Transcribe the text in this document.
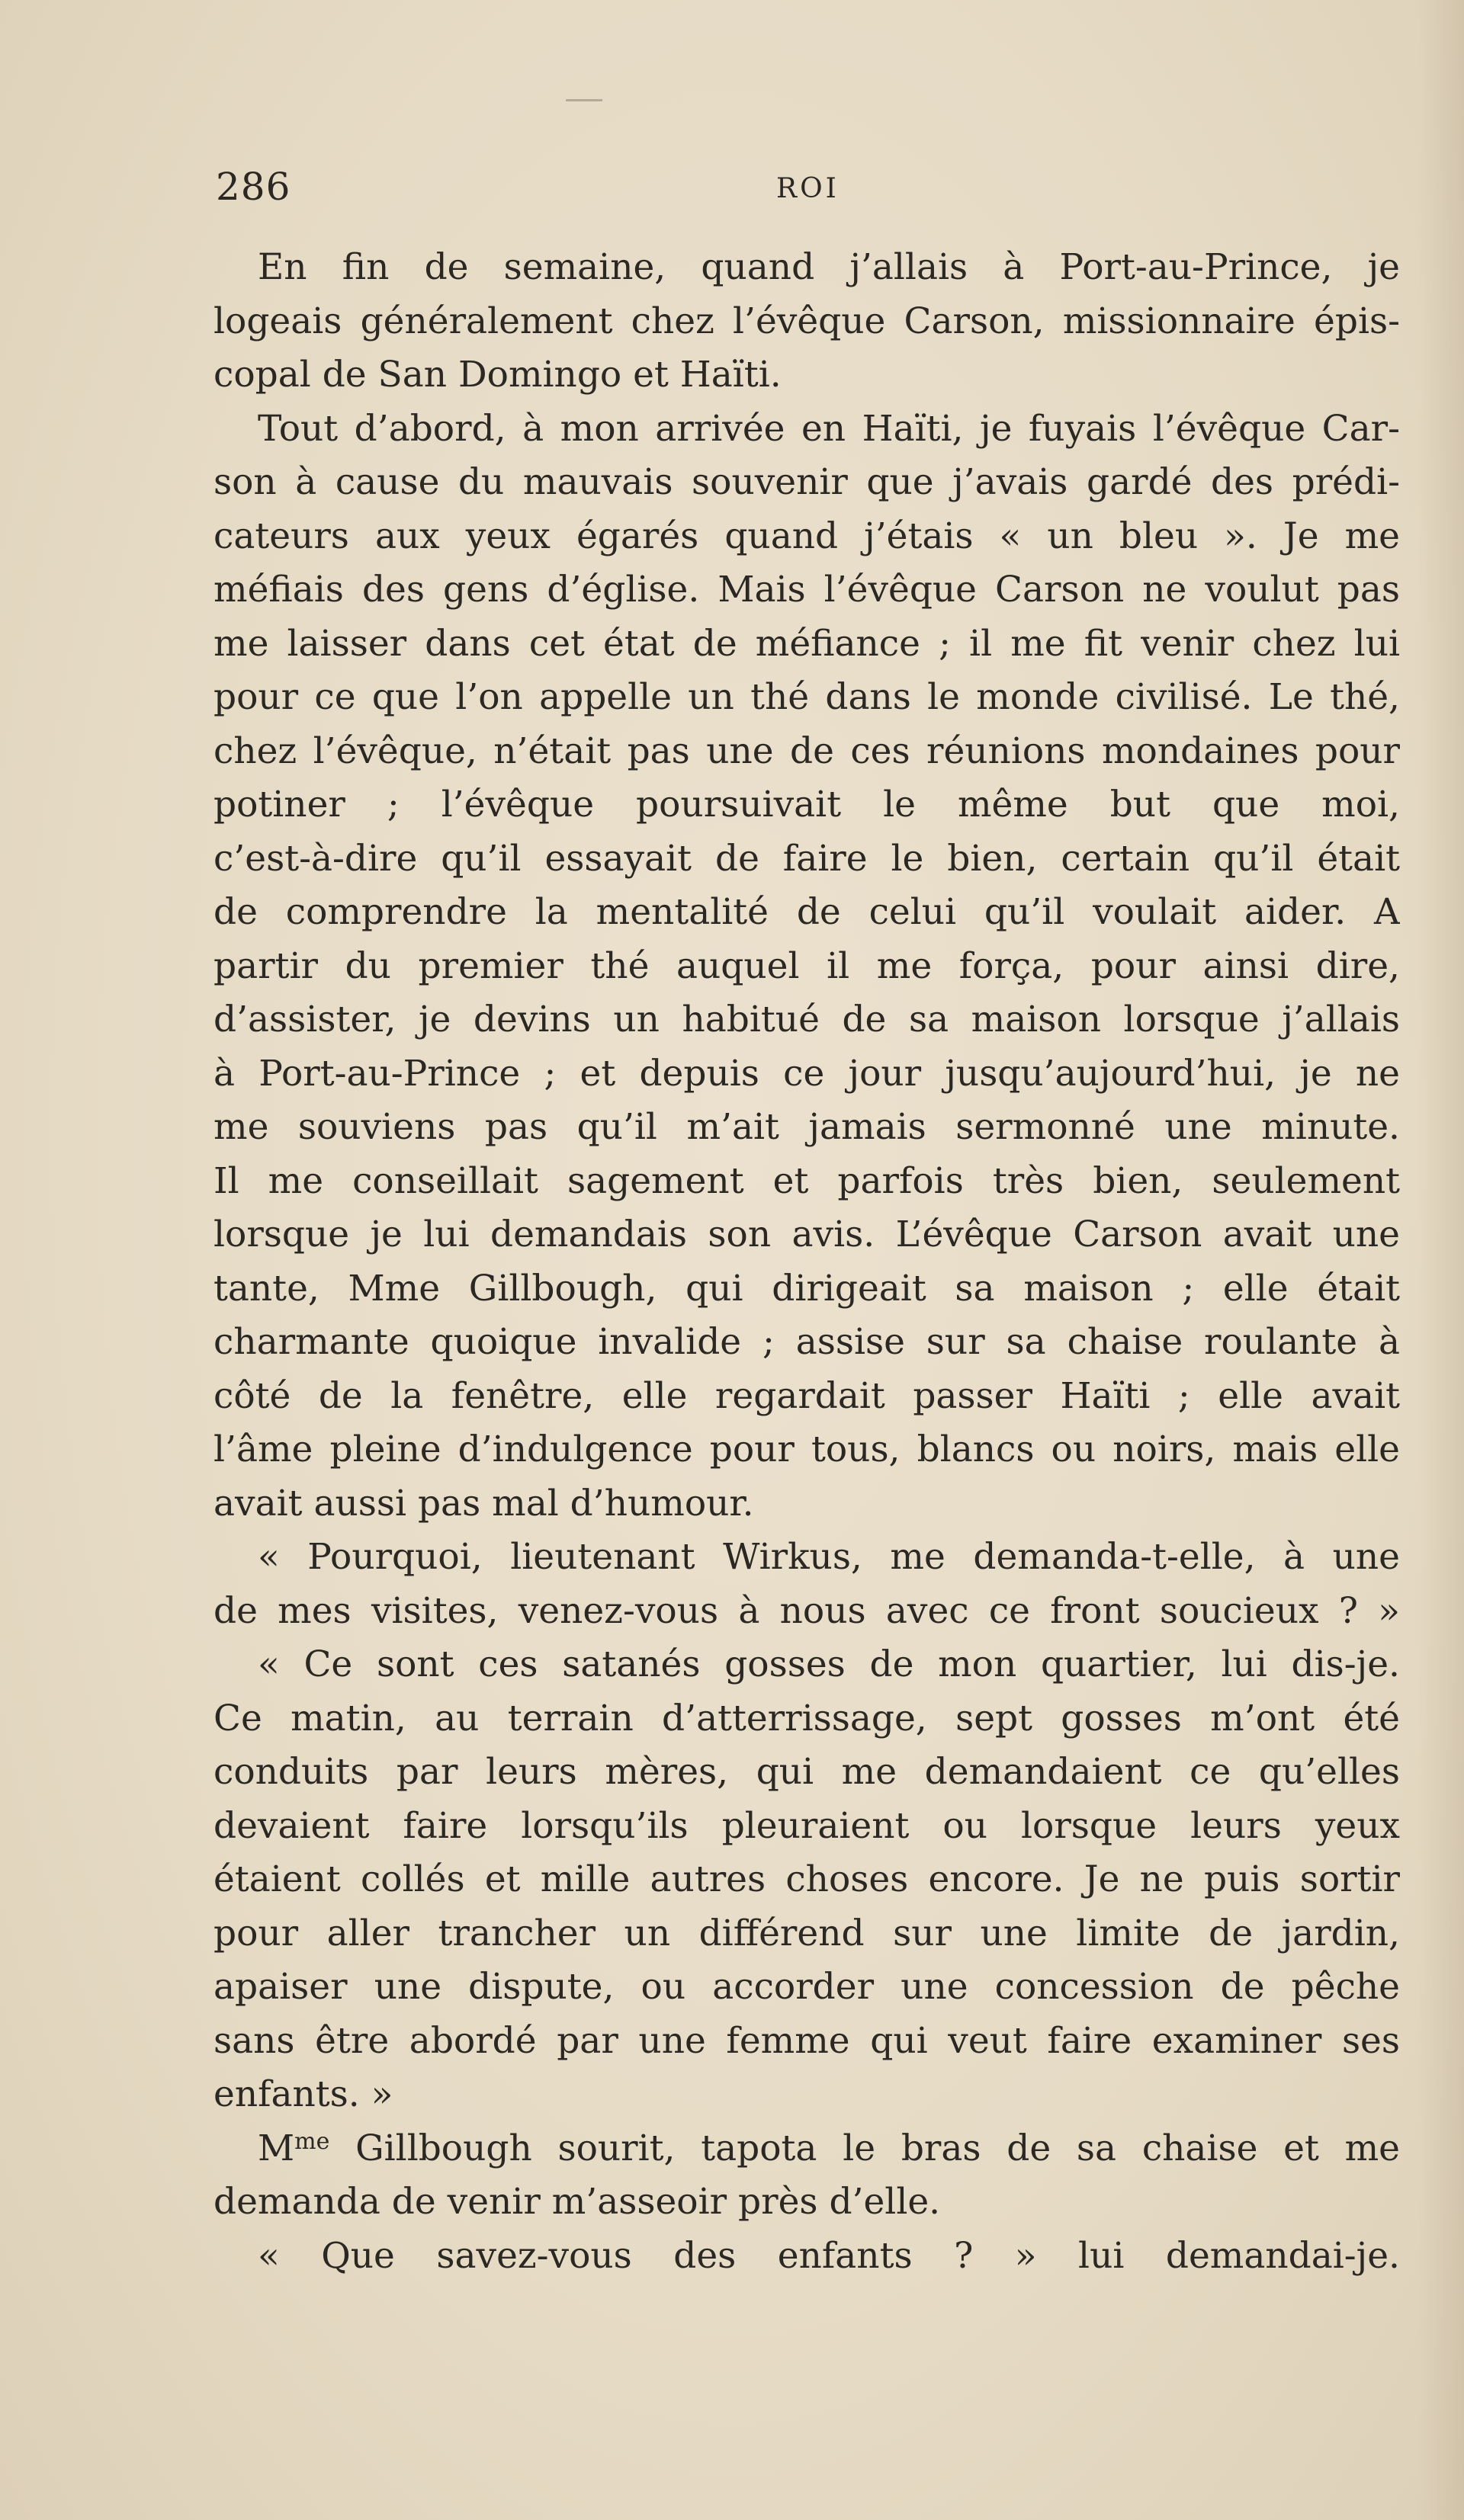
286	ROI
En fin de semaine, quand j’allais à Port-au-Prince, je
logeais généralement chez l’évêque Carson, missionnaire épis-
copal de San Domingo et Haïti.
Tout d’abord, à mon arrivée en Haïti, je fuyais l’évêque Car-
son à cause du mauvais souvenir que j’avais gardé des prédi-
cateurs aux yeux égarés quand j’étais « un bleu ». Je me
méfiais des gens d’église. Mais l’évêque Carson ne voulut pas
me laisser dans cet état de méfiance ; il me fit venir chez lui
pour ce que l’on appelle un thé dans le monde civilisé. Le thé,
chez l’évêque, n’était pas une de ces réunions mondaines pour
potiner ; l’évêque poursuivait le même but que moi,
c’est-à-dire qu’il essayait de faire le bien, certain qu’il était
de comprendre la mentalité de celui qu’il voulait aider. A
partir du premier thé auquel il me força, pour ainsi dire,
d’assister, je devins un habitué de sa maison lorsque j’allais
à Port-au-Prince ; et depuis ce jour jusqu’aujourd’hui, je ne
me souviens pas qu’il m’ait jamais sermonné une minute.
Il me conseillait sagement et parfois très bien, seulement
lorsque je lui demandais son avis. L’évêque Carson avait une
tante, Mme Gillbough, qui dirigeait sa maison ; elle était
charmante quoique invalide ; assise sur sa chaise roulante à
côté de la fenêtre, elle regardait passer Haïti ; elle avait
l’âme pleine d’indulgence pour tous, blancs ou noirs, mais elle
avait aussi pas mal d’humour.
« Pourquoi, lieutenant Wirkus, me demanda-t-elle, à une
de mes visites, venez-vous à nous avec ce front soucieux ? »
« Ce sont ces satanés gosses de mon quartier, lui dis-je.
Ce matin, au terrain d’atterrissage, sept gosses m’ont été
conduits par leurs mères, qui me demandaient ce qu’elles
devaient faire lorsqu’ils pleuraient ou lorsque leurs yeux
étaient collés et mille autres choses encore. Je ne puis sortir
pour aller trancher un différend sur une limite de jardin,
apaiser une dispute, ou accorder une concession de pêche
sans être abordé par une femme qui veut faire examiner ses
enfants. »
$M^{me}$ Gillbough sourit, tapota le bras de sa chaise et me
demanda de venir m’asseoir près d’elle.
« Que savez-vous des enfants ? » lui demandai-je.
